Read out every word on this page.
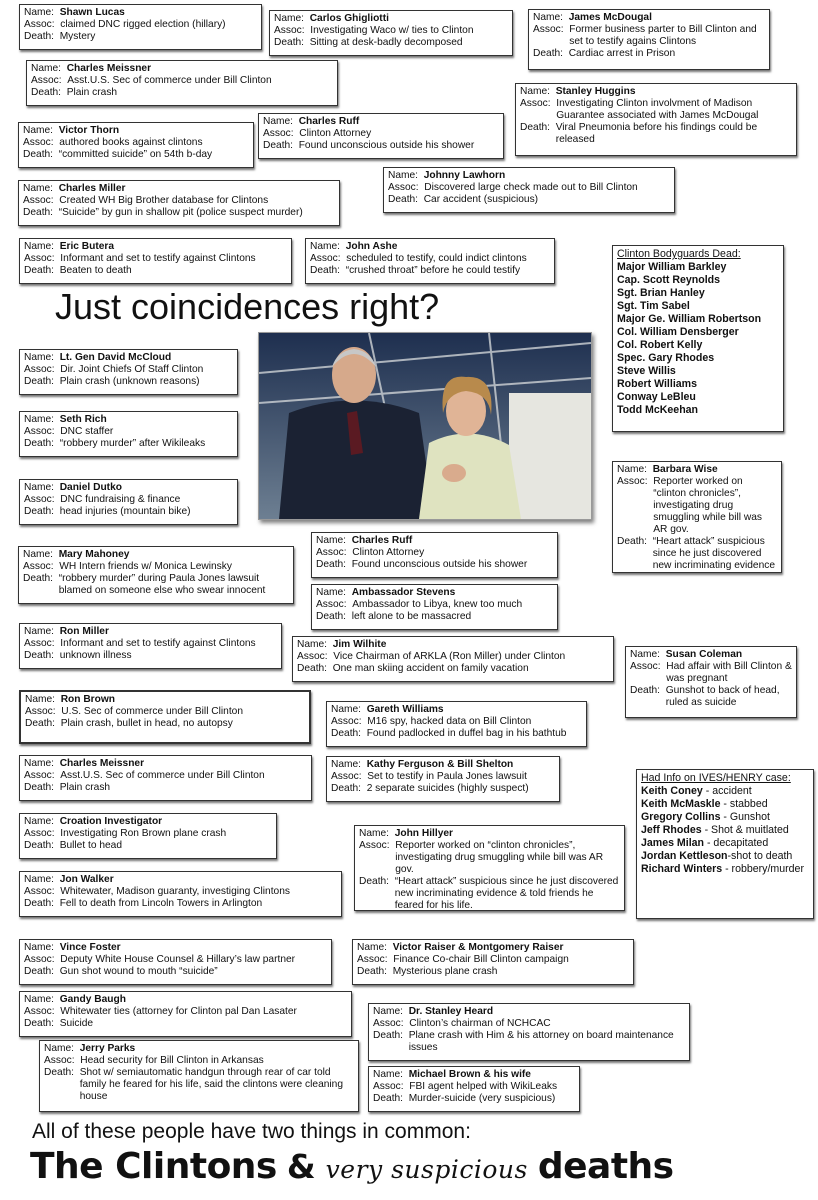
Name:
Shawn Lucas
Assoc:
claimed DNC rigged election (hillary)
Death:
Mystery
Name:
Carlos Ghigliotti
Assoc:
Investigating Waco w/ ties to Clinton
Death:
Sitting at desk-badly decomposed
Name:
James McDougal
Assoc:
Former business parter to Bill Clinton and set to testify agains Clintons
Death:
Cardiac arrest in Prison
Name:
Charles Meissner
Assoc:
Asst.U.S. Sec of commerce under Bill Clinton
Death:
Plain crash	Name:
Stanley Huggins
Assoc:
Investigating Clinton involvment of Madison Guarantee associated with James McDougal
Death:
Viral Pneumonia before his findings could be released
Name:
Charles Ruff
Assoc:
Clinton Attorney
Death:
Found unconscious outside his shower
Name:
Victor Thorn
Assoc:
authored books against clintons
Death:
“committed suicide” on 54th b-day
Name:
Johnny Lawhorn
Assoc:
Discovered large check made out to Bill Clinton
Death:
Car accident (suspicious)
Name:
Charles Miller
Assoc:
Created WH Big Brother database for Clintons
Death:
“Suicide” by gun in shallow pit (police suspect murder)
Name:
Eric Butera
Assoc:
Informant and set to testify against Clintons
Death:
Beaten to death
Name:
John Ashe
Assoc:
scheduled to testify, could indict clintons
Death:
“crushed throat” before he could testify
Clinton Bodyguards Dead:
Major William Barkley
Cap. Scott Reynolds
Sgt. Brian Hanley
Sgt. Tim Sabel
Major Ge. William Robertson
Col. William Densberger
Col. Robert Kelly
Spec. Gary Rhodes
Steve Willis
Robert Williams
Conway LeBleu
Todd McKeehan
Just coincidences right?
Name:
Lt. Gen David McCloud
Assoc:
Dir. Joint Chiefs Of Staff Clinton
Death:
Plain crash (unknown reasons)
Name:
Seth Rich
Assoc:
DNC staffer
Death:
“robbery murder” after Wikileaks
Name:
Daniel Dutko
Assoc:
DNC fundraising & finance
Death:
head injuries (mountain bike)
Name:
Barbara Wise
Assoc:
Reporter worked on “clinton chronicles”, investigating drug smuggling while bill was AR gov.
Death:
“Heart attack” suspicious since he just discovered new incriminating evidence
Name:
Charles Ruff
Assoc:
Clinton Attorney
Death:
Found unconscious outside his shower
Name:
Mary Mahoney
Assoc:
WH Intern friends w/ Monica Lewinsky
Death:
“robbery murder” during Paula Jones lawsuit blamed on someone else who swear innocent	Name:
Ambassador Stevens
Assoc:
Ambassador to Libya, knew too much
Death:
left alone to be massacred
Name:
Ron Miller
Assoc:
Informant and set to testify against Clintons
Death:
unknown illness
Name:
Jim Wilhite
Assoc:
Vice Chairman of ARKLA (Ron Miller) under Clinton
Death:
One man skiing accident on family vacation
Name:
Susan Coleman
Assoc:
Had affair with Bill Clinton & was pregnant
Death:
Gunshot to back of head, ruled as suicide
Name:
Ron Brown
Assoc:
U.S. Sec of commerce under Bill Clinton
Death:
Plain crash, bullet in head, no autopsy
Name:
Gareth Williams
Assoc:
M16 spy, hacked data on Bill Clinton
Death:
Found padlocked in duffel bag in his bathtub
Name:
Charles Meissner
Assoc:
Asst.U.S. Sec of commerce under Bill Clinton
Death:
Plain crash
Name:
Kathy Ferguson & Bill Shelton
Assoc:
Set to testify in Paula Jones lawsuit
Death:
2 separate suicides (highly suspect)
Had Info on IVES/HENRY case:
Keith Coney - accident
Keith McMaskle - stabbed
Gregory Collins - Gunshot
Jeff Rhodes - Shot & muitlated
James Milan - decapitated
Jordan Kettleson-shot to death
Richard Winters - robbery/murder
Name:
Croation Investigator
Assoc:
Investigating Ron Brown plane crash
Death:
Bullet to head
Name:
John Hillyer
Assoc:
Reporter worked on “clinton chronicles”, investigating drug smuggling while bill was AR gov.
Death:
“Heart attack” suspicious since he just discovered new incriminating evidence & told friends he feared for his life.
Name:
Jon Walker
Assoc:
Whitewater, Madison guaranty, investiging Clintons
Death:
Fell to death from Lincoln Towers in Arlington
Name:
Vince Foster
Assoc:
Deputy White House Counsel & Hillary’s law partner
Death:
Gun shot wound to mouth “suicide”
Name:
Victor Raiser & Montgomery Raiser
Assoc:
Finance Co-chair Bill Clinton campaign
Death:
Mysterious plane crash
Name:
Gandy Baugh
Assoc:
Whitewater ties (attorney for Clinton pal Dan Lasater
Death:
Suicide
Name:
Dr. Stanley Heard
Assoc:
Clinton’s chairman of NCHCAC
Death:
Plane crash with Him & his attorney on board maintenance issues
Name:
Jerry Parks
Assoc:
Head security for Bill Clinton in Arkansas
Death:
Shot w/ semiautomatic handgun through rear of car told family he feared for his life, said the clintons were cleaning house
Name:
Michael Brown & his wife
Assoc:
FBI agent helped with WikiLeaks
Death:
Murder-suicide (very suspicious)
All of these people have two things in common:
The Clintons & very suspicious deaths
